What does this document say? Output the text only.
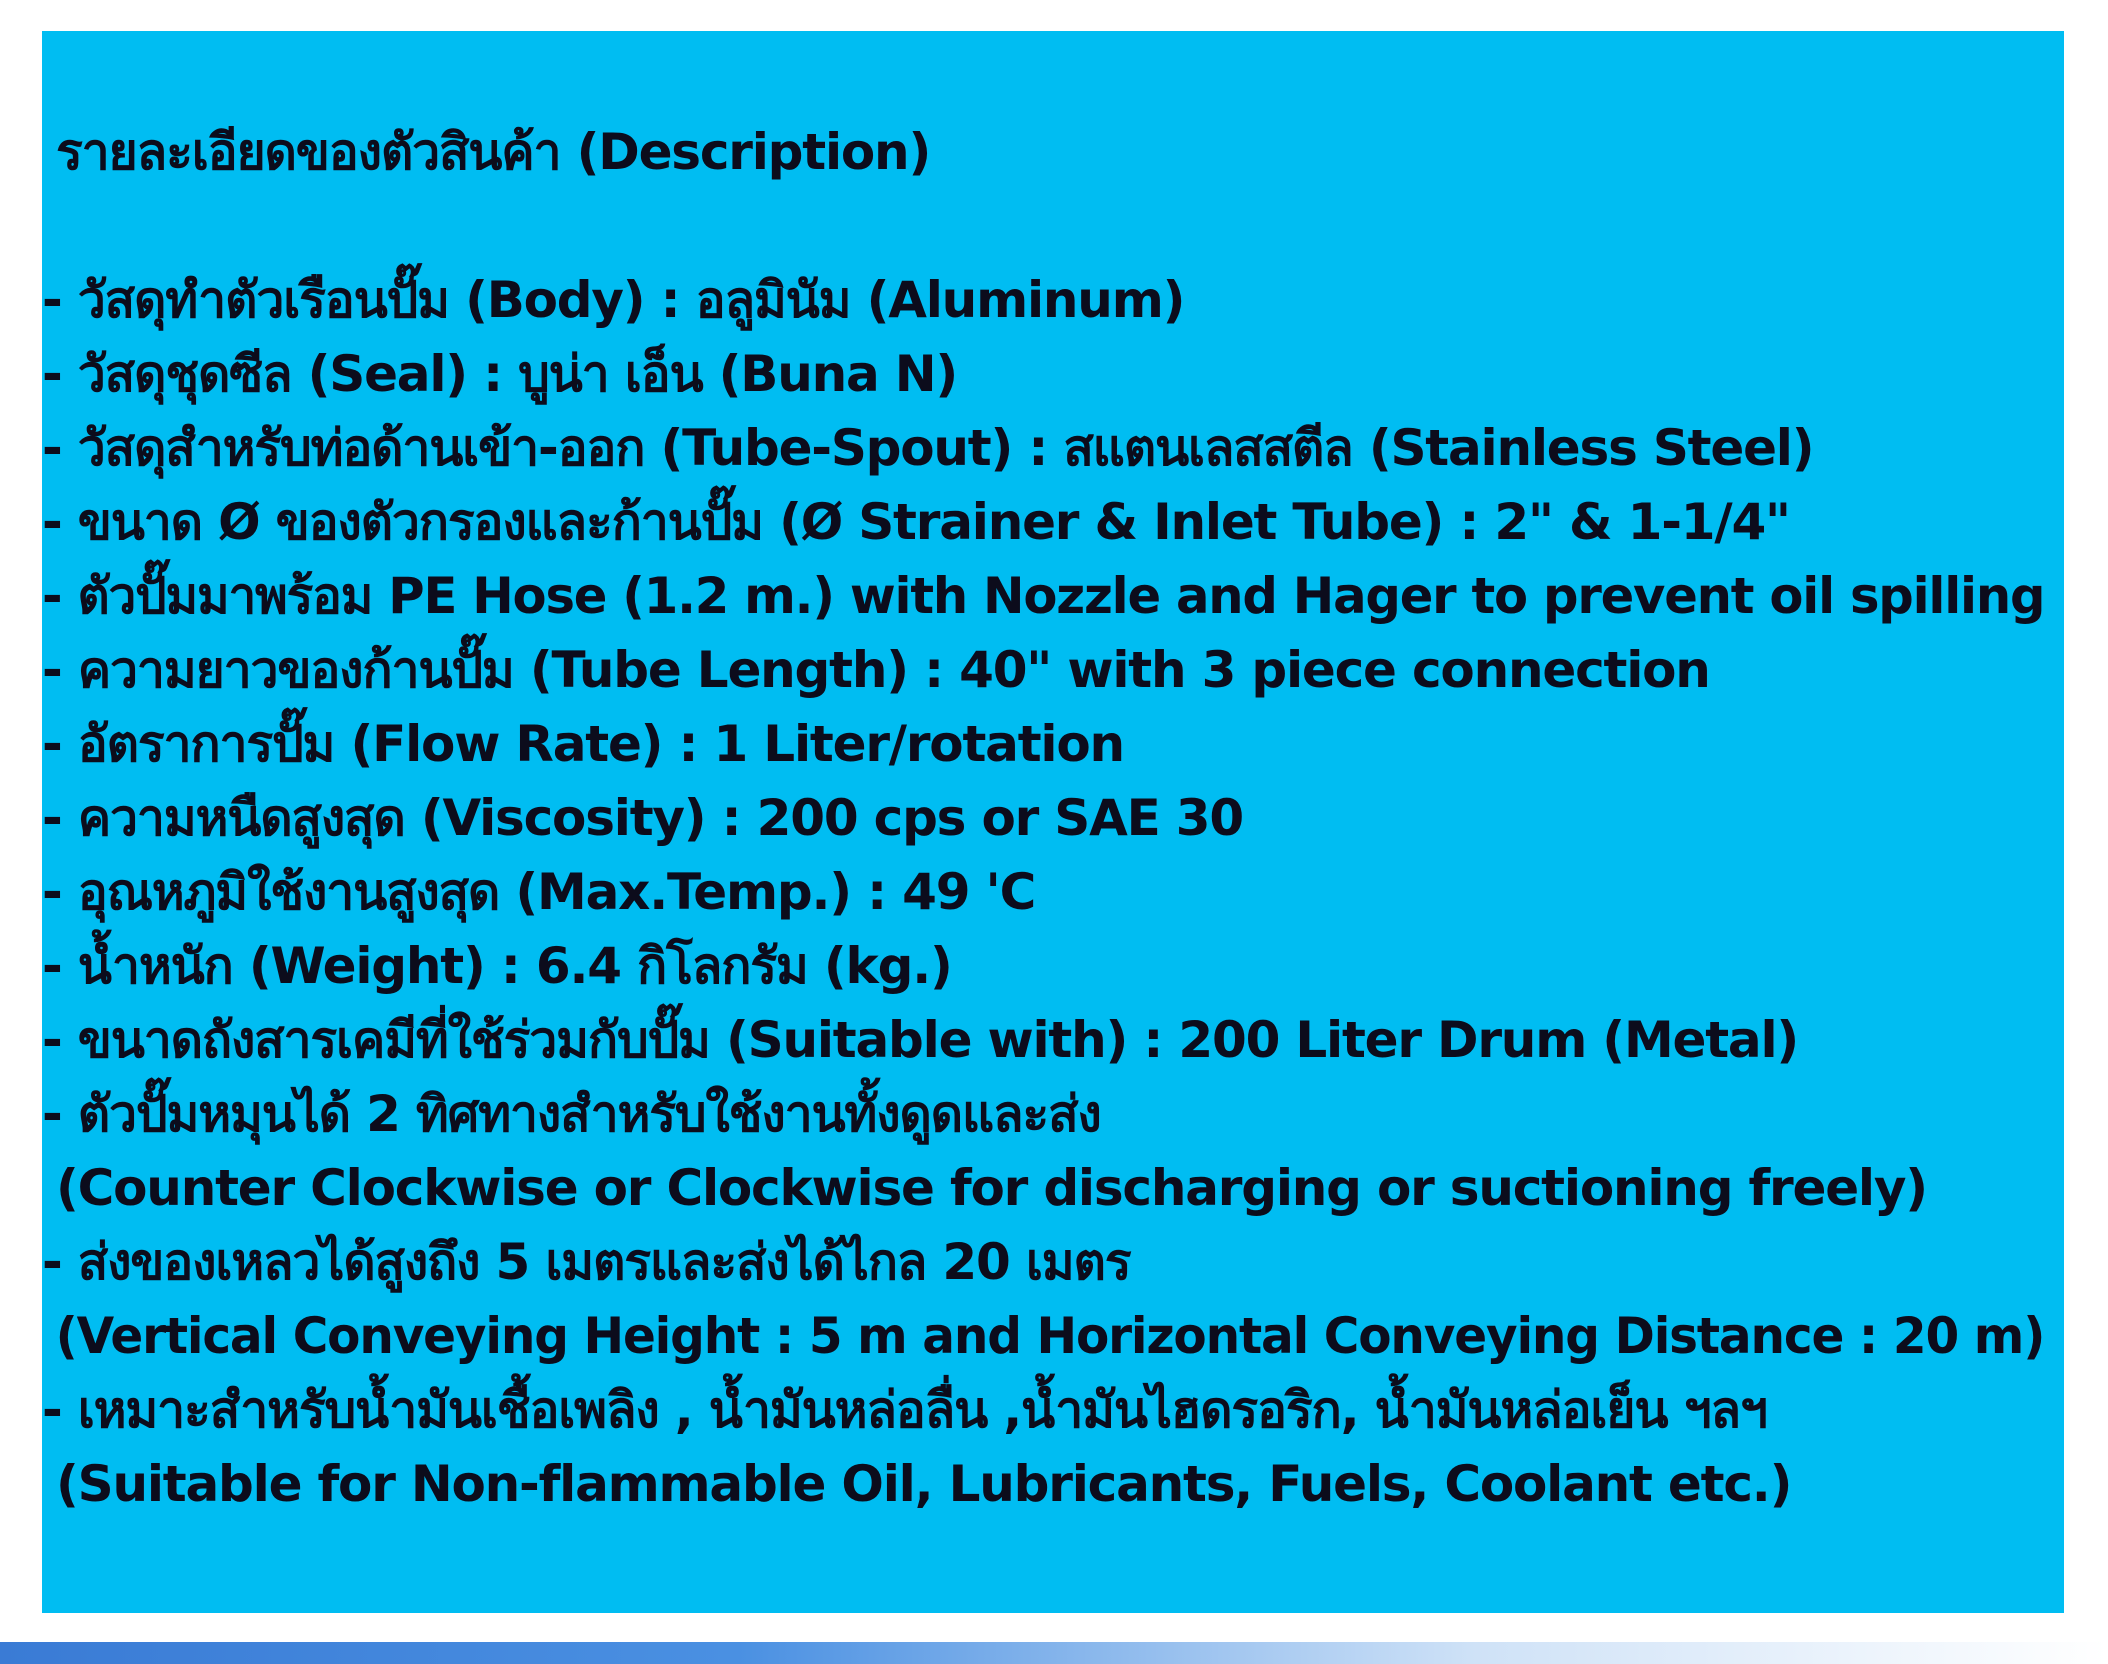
รายละเอียดของตัวสินค้า (Description)
- วัสดุทำตัวเรือนปั๊ม (Body) : อลูมินัม (Aluminum)
- วัสดุชุดซีล (Seal) : บูน่า เอ็น (Buna N)
- วัสดุสำหรับท่อด้านเข้า-ออก (Tube-Spout) : สแตนเลสสตีล (Stainless Steel)
- ขนาด Ø ของตัวกรองและก้านปั๊ม (Ø Strainer & Inlet Tube) : 2" & 1-1/4"
- ตัวปั๊มมาพร้อม PE Hose (1.2 m.) with Nozzle and Hager to prevent oil spilling
- ความยาวของก้านปั๊ม (Tube Length) : 40" with 3 piece connection
- อัตราการปั๊ม (Flow Rate) : 1 Liter/rotation
- ความหนืดสูงสุด (Viscosity) : 200 cps or SAE 30
- อุณหภูมิใช้งานสูงสุด (Max.Temp.) : 49 'C
- น้ำหนัก (Weight) : 6.4 กิโลกรัม (kg.)
- ขนาดถังสารเคมีที่ใช้ร่วมกับปั๊ม (Suitable with) : 200 Liter Drum (Metal)
- ตัวปั๊มหมุนได้ 2 ทิศทางสำหรับใช้งานทั้งดูดและส่ง
(Counter Clockwise or Clockwise for discharging or suctioning freely)
- ส่งของเหลวได้สูงถึง 5 เมตรและส่งได้ไกล 20 เมตร
(Vertical Conveying Height : 5 m and Horizontal Conveying Distance : 20 m)
- เหมาะสำหรับน้ำมันเชื้อเพลิง , น้ำมันหล่อลื่น ,น้ำมันไฮดรอริก, น้ำมันหล่อเย็น ฯลฯ
(Suitable for Non-flammable Oil, Lubricants, Fuels, Coolant etc.)
